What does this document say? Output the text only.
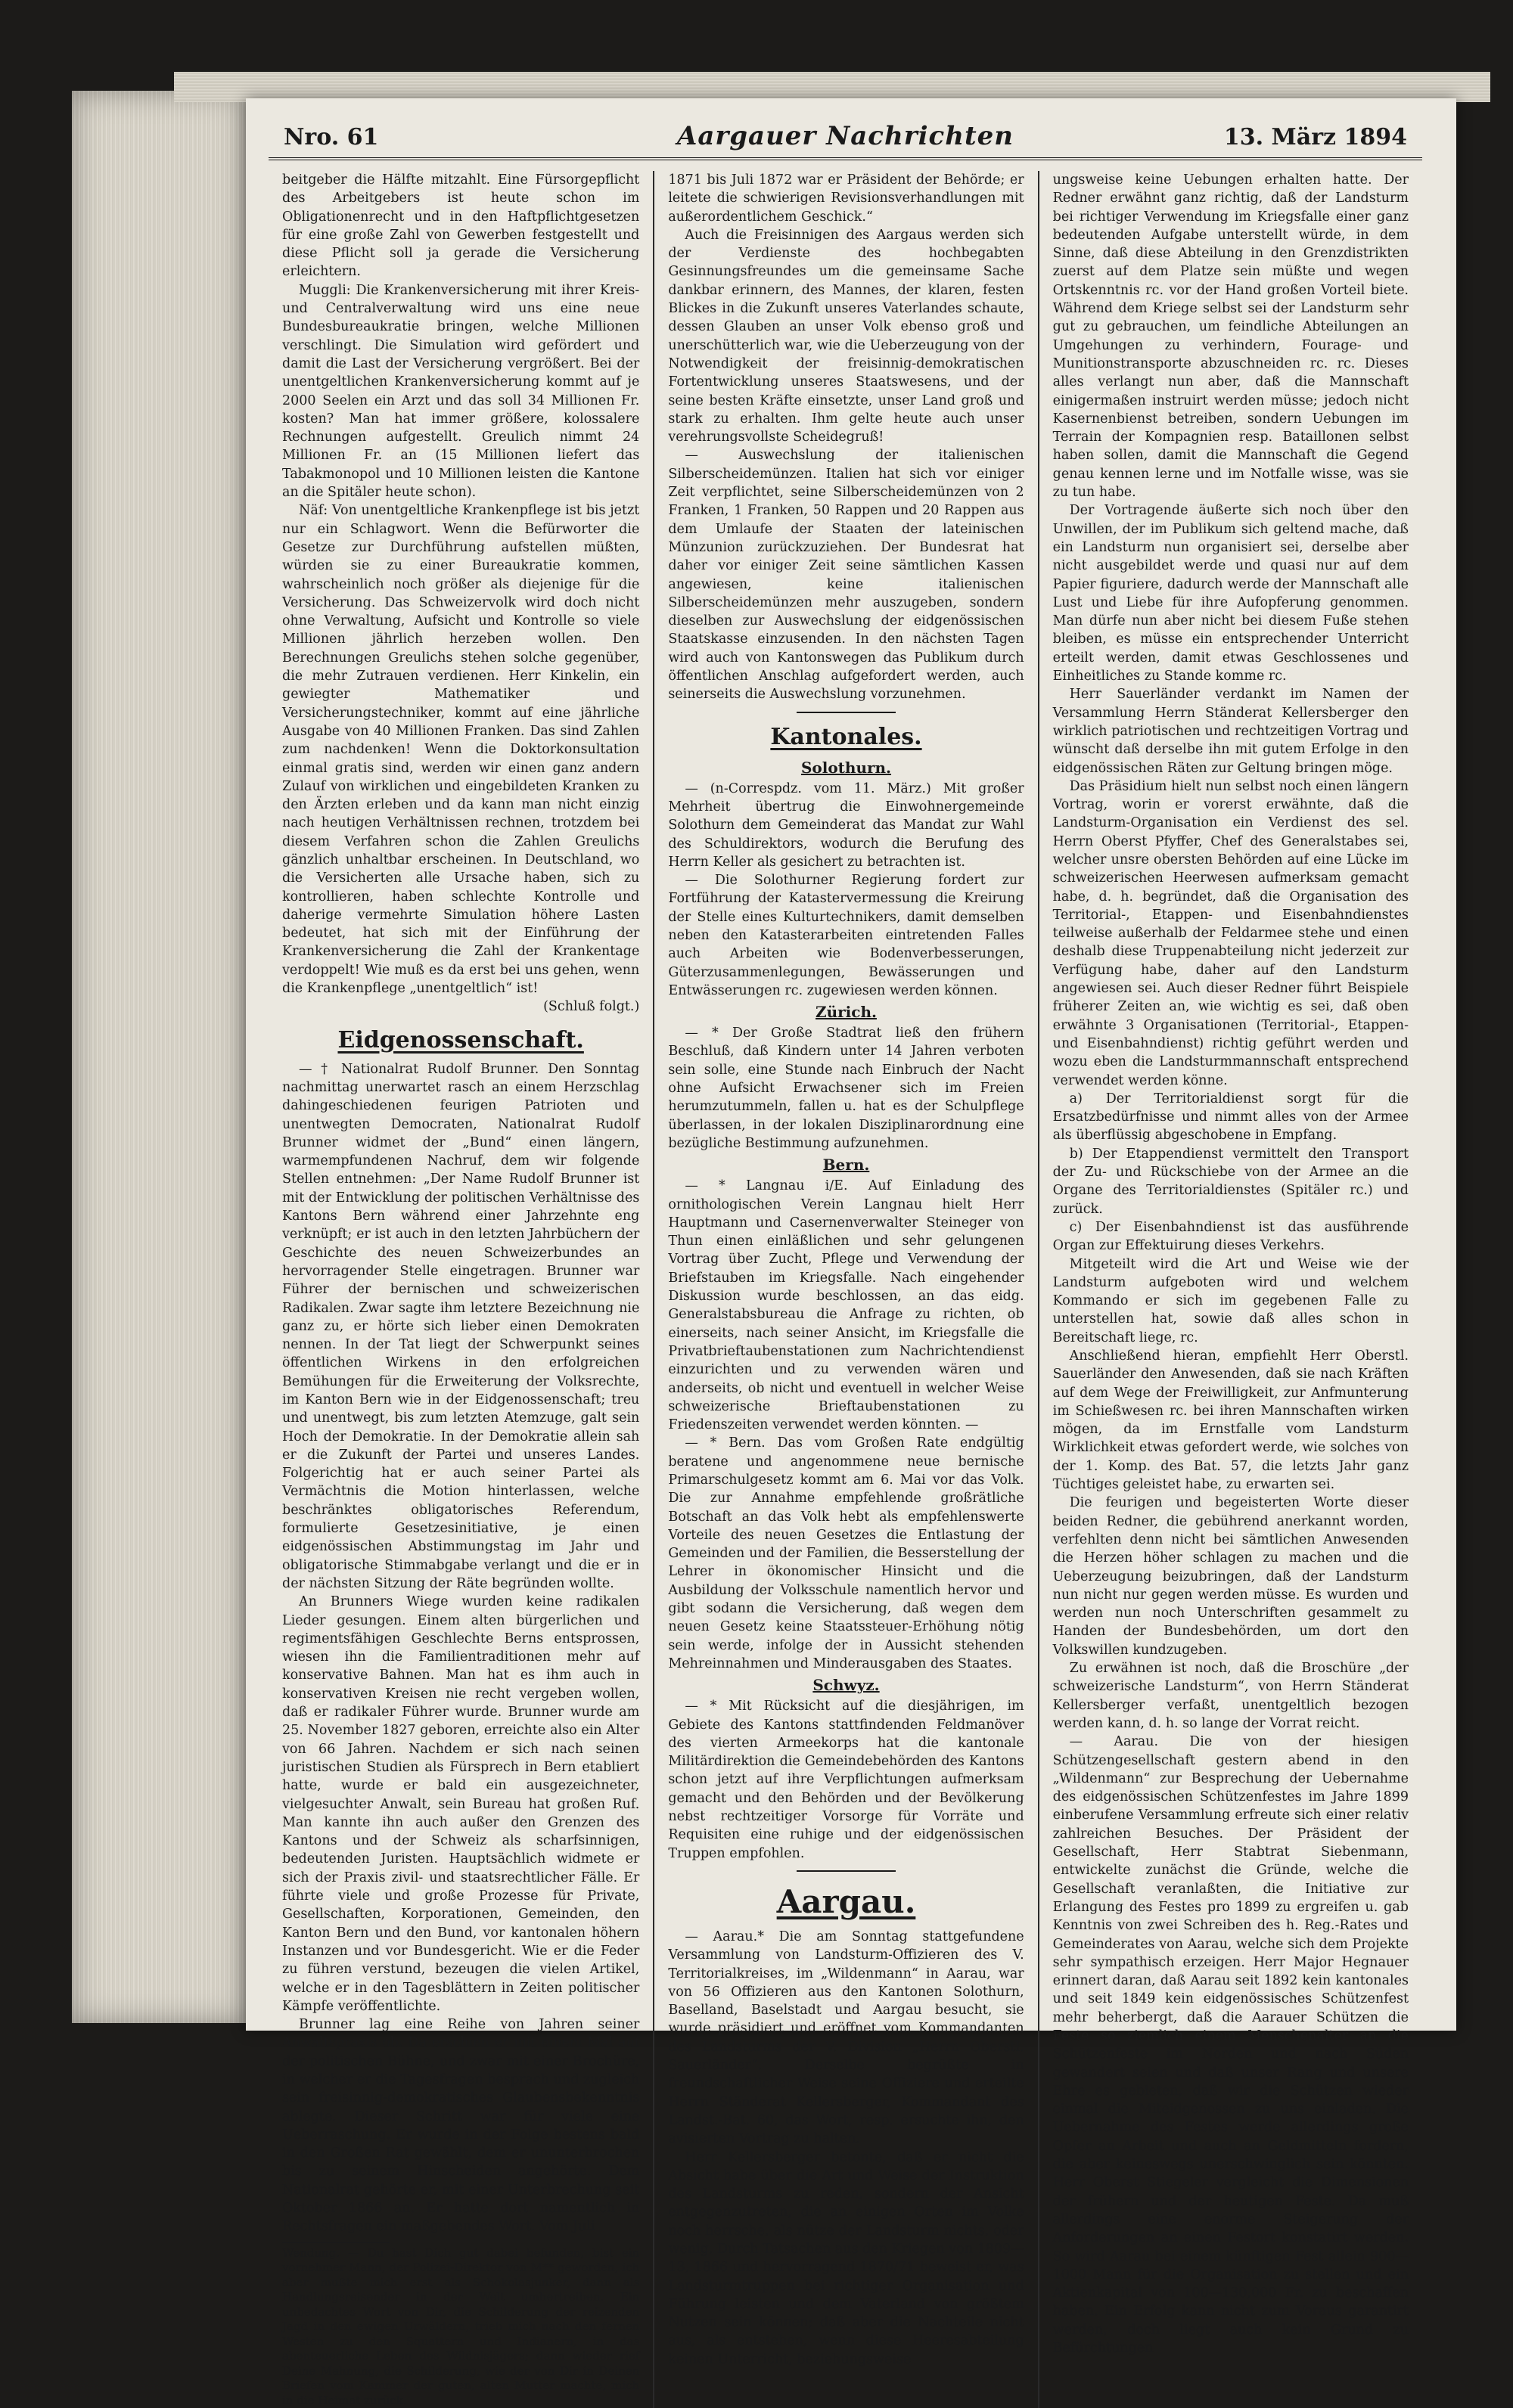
Nro. 61	Aargauer Nachrichten	13. März 1894

beitgeber die Hälfte mitzahlt. Eine Fürsorgepflicht des Arbeitgebers ist heute schon im Obligationenrecht und in den Haftpflichtgesetzen für eine große Zahl von Gewerben festgestellt und diese Pflicht soll ja gerade die Versicherung erleichtern.

Muggli: Die Krankenversicherung mit ihrer Kreis- und Centralverwaltung wird uns eine neue Bundesbureaukratie bringen, welche Millionen verschlingt. Die Simulation wird gefördert und damit die Last der Versicherung vergrößert. Bei der unentgeltlichen Krankenversicherung kommt auf je 2000 Seelen ein Arzt und das soll 34 Millionen Fr. kosten? Man hat immer größere, kolossalere Rechnungen aufgestellt. Greulich nimmt 24 Millionen Fr. an (15 Millionen liefert das Tabakmonopol und 10 Millionen leisten die Kantone an die Spitäler heute schon).

Näf: Von unentgeltliche Krankenpflege ist bis jetzt nur ein Schlagwort. Wenn die Befürworter die Gesetze zur Durchführung aufstellen müßten, würden sie zu einer Bureaukratie kommen, wahrscheinlich noch größer als diejenige für die Versicherung. Das Schweizervolk wird doch nicht ohne Verwaltung, Aufsicht und Kontrolle so viele Millionen jährlich herzeben wollen. Den Berechnungen Greulichs stehen solche gegenüber, die mehr Zutrauen verdienen. Herr Kinkelin, ein gewiegter Mathematiker und Versicherungstechniker, kommt auf eine jährliche Ausgabe von 40 Millionen Franken. Das sind Zahlen zum nachdenken! Wenn die Doktorkonsultation einmal gratis sind, werden wir einen ganz andern Zulauf von wirklichen und eingebildeten Kranken zu den Ärzten erleben und da kann man nicht einzig nach heutigen Verhältnissen rechnen, trotzdem bei diesem Verfahren schon die Zahlen Greulichs gänzlich unhaltbar erscheinen. In Deutschland, wo die Versicherten alle Ursache haben, sich zu kontrollieren, haben schlechte Kontrolle und daherige vermehrte Simulation höhere Lasten bedeutet, hat sich mit der Einführung der Krankenversicherung die Zahl der Krankentage verdoppelt! Wie muß es da erst bei uns gehen, wenn die Krankenpflege „unentgeltlich“ ist!

(Schluß folgt.)

Eidgenossenschaft.

— † Nationalrat Rudolf Brunner. Den Sonntag nachmittag unerwartet rasch an einem Herzschlag dahingeschiedenen feurigen Patrioten und unentwegten Democraten, Nationalrat Rudolf Brunner widmet der „Bund“ einen längern, warmempfundenen Nachruf, dem wir folgende Stellen entnehmen: „Der Name Rudolf Brunner ist mit der Entwicklung der politischen Verhältnisse des Kantons Bern während einer Jahrzehnte eng verknüpft; er ist auch in den letzten Jahrbüchern der Geschichte des neuen Schweizerbundes an hervorragender Stelle eingetragen. Brunner war Führer der bernischen und schweizerischen Radikalen. Zwar sagte ihm letztere Bezeichnung nie ganz zu, er hörte sich lieber einen Demokraten nennen. In der Tat liegt der Schwerpunkt seines öffentlichen Wirkens in den erfolgreichen Bemühungen für die Erweiterung der Volksrechte, im Kanton Bern wie in der Eidgenossenschaft; treu und unentwegt, bis zum letzten Atemzuge, galt sein Hoch der Demokratie. In der Demokratie allein sah er die Zukunft der Partei und unseres Landes. Folgerichtig hat er auch seiner Partei als Vermächtnis die Motion hinterlassen, welche beschränktes obligatorisches Referendum, formulierte Gesetzesinitiative, je einen eidgenössischen Abstimmungstag im Jahr und obligatorische Stimmabgabe verlangt und die er in der nächsten Sitzung der Räte begründen wollte.

An Brunners Wiege wurden keine radikalen Lieder gesungen. Einem alten bürgerlichen und regimentsfähigen Geschlechte Berns entsprossen, wiesen ihn die Familientraditionen mehr auf konservative Bahnen. Man hat es ihm auch in konservativen Kreisen nie recht vergeben wollen, daß er radikaler Führer wurde. Brunner wurde am 25. November 1827 geboren, erreichte also ein Alter von 66 Jahren. Nachdem er sich nach seinen juristischen Studien als Fürsprech in Bern etabliert hatte, wurde er bald ein ausgezeichneter, vielgesuchter Anwalt, sein Bureau hat großen Ruf. Man kannte ihn auch außer den Grenzen des Kantons und der Schweiz als scharfsinnigen, bedeutenden Juristen. Hauptsächlich widmete er sich der Praxis zivil- und staatsrechtlicher Fälle. Er führte viele und große Prozesse für Private, Gesellschaften, Korporationen, Gemeinden, den Kanton Bern und den Bund, vor kantonalen höhern Instanzen und vor Bundesgericht. Wie er die Feder zu führen verstund, bezeugen die vielen Artikel, welche er in den Tagesblättern in Zeiten politischer Kämpfe veröffentlichte.

Brunner lag eine Reihe von Jahren seiner Anwaltspraxis ob. Da erschien er mit einem Mal auf der politischen Bühne, und zwar mit einer Brochüre, in welcher er die Tagesfragen besprach und zugleich sein freisinnig-demokratisches Glaubensbekenntnis ablegte. Dieser Schritt war für viele eine Ueberraschung. Er wurde in der Folge bestens bald in den Großen Rat gewählt, dem er ununterbrochen bis zu seinem Hinscheiden angehörte. Dem Nationalrat gehörte er, mit einer Unterbrechung seit Oktober 1866 an. Er hatte dort namentlich in Rechtsfragen ein maßgebendes Wort. Vom Juli

Wendung. — Du hast Dich gut dabei befunden, bist ein vornehmer Mann, der Polizei-Direktor von M** geworden, ich aber mußte mich erst als Schokolasjunker, dann als Handlungsreisender in der Welt umhertreiben. Ein unbedachtes Wort von Dir, die Schilderung der reizenden Jagd in den ewigen Urwäldern, trieb mich nach den fernen Westen zu den Squattern und Indianern, in das abenteuerliche Leben des Wildnisjägers; dann wieder rief Deine Mahnung, die Schilderung, wie der von Dir in Deinen Briefen vom Kammer der guten, alten Mutter machte, mich in die Heimat zurück.

1871 bis Juli 1872 war er Präsident der Behörde; er leitete die schwierigen Revisionsverhandlungen mit außerordentlichem Geschick.“

Auch die Freisinnigen des Aargaus werden sich der Verdienste des hochbegabten Gesinnungsfreundes um die gemeinsame Sache dankbar erinnern, des Mannes, der klaren, festen Blickes in die Zukunft unseres Vaterlandes schaute, dessen Glauben an unser Volk ebenso groß und unerschütterlich war, wie die Ueberzeugung von der Notwendigkeit der freisinnig-demokratischen Fortentwicklung unseres Staatswesens, und der seine besten Kräfte einsetzte, unser Land groß und stark zu erhalten. Ihm gelte heute auch unser verehrungsvollste Scheidegruß!

— Auswechslung der italienischen Silberscheidemünzen. Italien hat sich vor einiger Zeit verpflichtet, seine Silberscheidemünzen von 2 Franken, 1 Franken, 50 Rappen und 20 Rappen aus dem Umlaufe der Staaten der lateinischen Münzunion zurückzuziehen. Der Bundesrat hat daher vor einiger Zeit seine sämtlichen Kassen angewiesen, keine italienischen Silberscheidemünzen mehr auszugeben, sondern dieselben zur Auswechslung der eidgenössischen Staatskasse einzusenden. In den nächsten Tagen wird auch von Kantonswegen das Publikum durch öffentlichen Anschlag aufgefordert werden, auch seinerseits die Auswechslung vorzunehmen.

Kantonales.
Solothurn.

— (n-Correspdz. vom 11. März.) Mit großer Mehrheit übertrug die Einwohnergemeinde Solothurn dem Gemeinderat das Mandat zur Wahl des Schuldirektors, wodurch die Berufung des Herrn Keller als gesichert zu betrachten ist.

— Die Solothurner Regierung fordert zur Fortführung der Katastervermessung die Kreirung der Stelle eines Kulturtechnikers, damit demselben neben den Katasterarbeiten eintretenden Falles auch Arbeiten wie Bodenverbesserungen, Güterzusammenlegungen, Bewässerungen und Entwässerungen rc. zugewiesen werden können.

Zürich.

— * Der Große Stadtrat ließ den frühern Beschluß, daß Kindern unter 14 Jahren verboten sein solle, eine Stunde nach Einbruch der Nacht ohne Aufsicht Erwachsener sich im Freien herumzutummeln, fallen u. hat es der Schulpflege überlassen, in der lokalen Disziplinarordnung eine bezügliche Bestimmung aufzunehmen.

Bern.

— * Langnau i/E. Auf Einladung des ornithologischen Verein Langnau hielt Herr Hauptmann und Casernenverwalter Steineger von Thun einen einläßlichen und sehr gelungenen Vortrag über Zucht, Pflege und Verwendung der Briefstauben im Kriegsfalle. Nach eingehender Diskussion wurde beschlossen, an das eidg. Generalstabsbureau die Anfrage zu richten, ob einerseits, nach seiner Ansicht, im Kriegsfalle die Privatbrieftaubenstationen zum Nachrichtendienst einzurichten und zu verwenden wären und anderseits, ob nicht und eventuell in welcher Weise schweizerische Brieftaubenstationen zu Friedenszeiten verwendet werden könnten. —

— * Bern. Das vom Großen Rate endgültig beratene und angenommene neue bernische Primarschulgesetz kommt am 6. Mai vor das Volk. Die zur Annahme empfehlende großrätliche Botschaft an das Volk hebt als empfehlenswerte Vorteile des neuen Gesetzes die Entlastung der Gemeinden und der Familien, die Besserstellung der Lehrer in ökonomischer Hinsicht und die Ausbildung der Volksschule namentlich hervor und gibt sodann die Versicherung, daß wegen dem neuen Gesetz keine Staatssteuer-Erhöhung nötig sein werde, infolge der in Aussicht stehenden Mehreinnahmen und Minderausgaben des Staates.

Schwyz.

— * Mit Rücksicht auf die diesjährigen, im Gebiete des Kantons stattfindenden Feldmanöver des vierten Armeekorps hat die kantonale Militärdirektion die Gemeindebehörden des Kantons schon jetzt auf ihre Verpflichtungen aufmerksam gemacht und den Behörden und der Bevölkerung nebst rechtzeitiger Vorsorge für Vorräte und Requisiten eine ruhige und der eidgenössischen Truppen empfohlen.

Aargau.

— Aarau.* Die am Sonntag stattgefundene Versammlung von Landsturm-Offizieren des V. Territorialkreises, im „Wildenmann“ in Aarau, war von 56 Offizieren aus den Kantonen Solothurn, Baselland, Baselstadt und Aargau besucht, sie wurde präsidiert und eröffnet vom Kommandanten des Landsturms der V. Division „Herrn Oberstl. Sauerländer“. Derselbe begrüßte in freundschaftlicher Weise seine Offiziere und erteilte Herrn Ständerat Kellersberger, Kommandant des Landst.-Bat. 60, das Wort, resp. ersuchte ihn, den avisierten Vortrag zu halten.

Herr Kellersberger betonte, daß er nicht die Absicht habe über die Art und Weise der Instruktion des Landsturms zu reden, sondern der Ansicht entgegenzutreten, die an einigen Orten im Volke noch herrsche, als nütze der Landsturm nichts, oder wenig. Durch Tatsachen aus den Kriegen von 1809—13, 1866 und hervorragend 1870/71 beweist er, was Landsturmtruppen bei richtiger Organisation und Führung leisten und dem Vaterland von größtem Nutzen sein können; daß aber die Nachteile nicht aus, als entstehen, wenn diese Heeresabteilung keinen Unterricht, beziehungsweise

ungsweise keine Uebungen erhalten hatte. Der Redner erwähnt ganz richtig, daß der Landsturm bei richtiger Verwendung im Kriegsfalle einer ganz bedeutenden Aufgabe unterstellt würde, in dem Sinne, daß diese Abteilung in den Grenzdistrikten zuerst auf dem Platze sein müßte und wegen Ortskenntnis rc. vor der Hand großen Vorteil biete. Während dem Kriege selbst sei der Landsturm sehr gut zu gebrauchen, um feindliche Abteilungen an Umgehungen zu verhindern, Fourage- und Munitionstransporte abzuschneiden rc. rc. Dieses alles verlangt nun aber, daß die Mannschaft einigermaßen instruirt werden müsse; jedoch nicht Kasernenbienst betreiben, sondern Uebungen im Terrain der Kompagnien resp. Bataillonen selbst haben sollen, damit die Mannschaft die Gegend genau kennen lerne und im Notfalle wisse, was sie zu tun habe.

Der Vortragende äußerte sich noch über den Unwillen, der im Publikum sich geltend mache, daß ein Landsturm nun organisiert sei, derselbe aber nicht ausgebildet werde und quasi nur auf dem Papier figuriere, dadurch werde der Mannschaft alle Lust und Liebe für ihre Aufopferung genommen. Man dürfe nun aber nicht bei diesem Fuße stehen bleiben, es müsse ein entsprechender Unterricht erteilt werden, damit etwas Geschlossenes und Einheitliches zu Stande komme rc.

Herr Sauerländer verdankt im Namen der Versammlung Herrn Ständerat Kellersberger den wirklich patriotischen und rechtzeitigen Vortrag und wünscht daß derselbe ihn mit gutem Erfolge in den eidgenössischen Räten zur Geltung bringen möge.

Das Präsidium hielt nun selbst noch einen längern Vortrag, worin er vorerst erwähnte, daß die Landsturm-Organisation ein Verdienst des sel. Herrn Oberst Pfyffer, Chef des Generalstabes sei, welcher unsre obersten Behörden auf eine Lücke im schweizerischen Heerwesen aufmerksam gemacht habe, d. h. begründet, daß die Organisation des Territorial-, Etappen- und Eisenbahndienstes teilweise außerhalb der Feldarmee stehe und einen deshalb diese Truppenabteilung nicht jederzeit zur Verfügung habe, daher auf den Landsturm angewiesen sei. Auch dieser Redner führt Beispiele früherer Zeiten an, wie wichtig es sei, daß oben erwähnte 3 Organisationen (Territorial-, Etappen- und Eisenbahndienst) richtig geführt werden und wozu eben die Landsturmmannschaft entsprechend verwendet werden könne.

a) Der Territorialdienst sorgt für die Ersatzbedürfnisse und nimmt alles von der Armee als überflüssig abgeschobene in Empfang.

b) Der Etappendienst vermittelt den Transport der Zu- und Rückschiebe von der Armee an die Organe des Territorialdienstes (Spitäler rc.) und zurück.

c) Der Eisenbahndienst ist das ausführende Organ zur Effektuirung dieses Verkehrs.

Mitgeteilt wird die Art und Weise wie der Landsturm aufgeboten wird und welchem Kommando er sich im gegebenen Falle zu unterstellen hat, sowie daß alles schon in Bereitschaft liege, rc.

Anschließend hieran, empfiehlt Herr Oberstl. Sauerländer den Anwesenden, daß sie nach Kräften auf dem Wege der Freiwilligkeit, zur Anfmunterung im Schießwesen rc. bei ihren Mannschaften wirken mögen, da im Ernstfalle vom Landsturm Wirklichkeit etwas gefordert werde, wie solches von der 1. Komp. des Bat. 57, die letzts Jahr ganz Tüchtiges geleistet habe, zu erwarten sei.

Die feurigen und begeisterten Worte dieser beiden Redner, die gebührend anerkannt worden, verfehlten denn nicht bei sämtlichen Anwesenden die Herzen höher schlagen zu machen und die Ueberzeugung beizubringen, daß der Landsturm nun nicht nur gegen werden müsse. Es wurden und werden nun noch Unterschriften gesammelt zu Handen der Bundesbehörden, um dort den Volkswillen kundzugeben.

Zu erwähnen ist noch, daß die Broschüre „der schweizerische Landsturm“, von Herrn Ständerat Kellersberger verfaßt, unentgeltlich bezogen werden kann, d. h. so lange der Vorrat reicht.

— Aarau. Die von der hiesigen Schützengesellschaft gestern abend in den „Wildenmann“ zur Besprechung der Uebernahme des eidgenössischen Schützenfestes im Jahre 1899 einberufene Versammlung erfreute sich einer relativ zahlreichen Besuches. Der Präsident der Gesellschaft, Herr Stabtrat Siebenmann, entwickelte zunächst die Gründe, welche die Gesellschaft veranlaßten, die Initiative zur Erlangung des Festes pro 1899 zu ergreifen u. gab Kenntnis von zwei Schreiben des h. Reg.-Rates und Gemeinderates von Aarau, welche sich dem Projekte sehr sympathisch erzeigen. Herr Major Hegnauer erinnert daran, daß Aarau seit 1892 kein kantonales und seit 1849 kein eidgenössisches Schützenfest mehr beherbergt, daß die Aarauer Schützen die Feste so ziemlich einem Menschenalter an die Schützenfeste im Norden und nach Süden gewandert seien und daß unser Rang und unsere Ehre es gebieten, daß wir die Schützen wieder einmal die Miteidgenossen zu uns einladen. Die Uebernahme des Festes werde allerdings große Opfer an Arbeit und auch an Geldmitteln fordern, die aber keineswegs unerschwinglich sein könnten. Herr Oberst Stiegeler vergleicht die Dimensionen der frühern und der heutigen Feste. Da muß allerdings eine enorme Steigerung der Anforderungen an einen Festort konstatirt werden. So wird Aarau bei einem künftigen Fest allein 900—1000 Mann für die Organisation zu stellen und ein Aktienkapital von 100—130,000 Fr. zu beschaffen haben. Ein Erfolg kann nicht zum Voraus garantirt werden, doch liegt auch kein Grund zu Befürchtungen
